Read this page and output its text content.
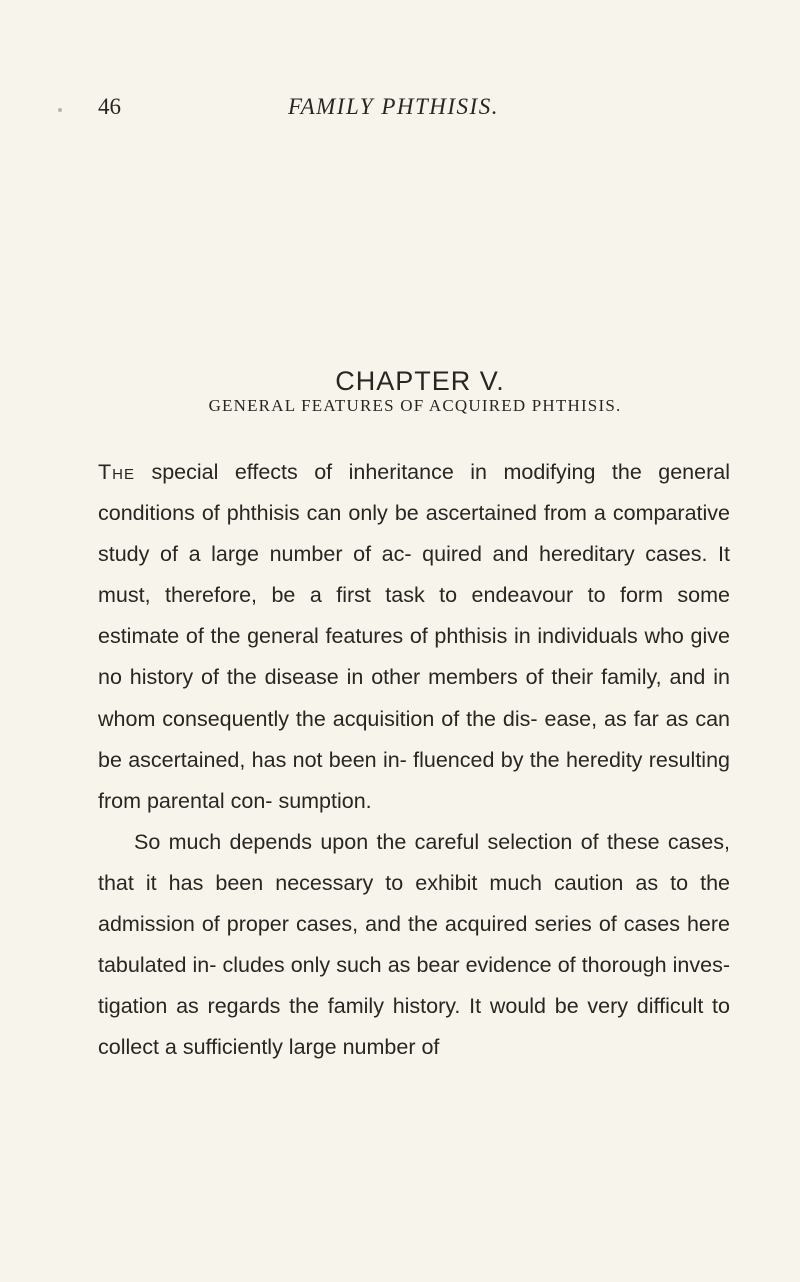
46	FAMILY PHTHISIS.
CHAPTER V.
GENERAL FEATURES OF ACQUIRED PHTHISIS.

The special effects of inheritance in modifying the general conditions of phthisis can only be ascertained from a comparative study of a large number of ac- quired and hereditary cases. It must, therefore, be a first task to endeavour to form some estimate of the general features of phthisis in individuals who give no history of the disease in other members of their family, and in whom consequently the acquisition of the dis- ease, as far as can be ascertained, has not been in- fluenced by the heredity resulting from parental con- sumption.

So much depends upon the careful selection of these cases, that it has been necessary to exhibit much caution as to the admission of proper cases, and the acquired series of cases here tabulated in- cludes only such as bear evidence of thorough inves- tigation as regards the family history. It would be very difficult to collect a sufficiently large number of
